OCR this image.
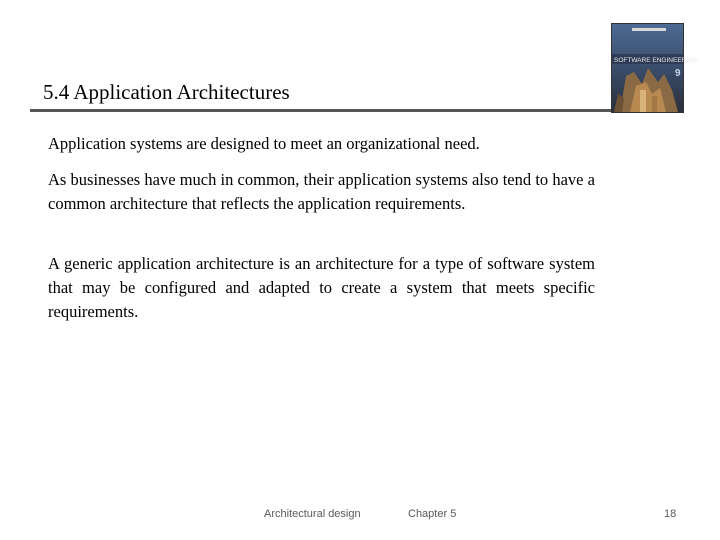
5.4 Application Architectures
SOFTWARE ENGINEERING
9

Application systems are designed to meet an organizational need.

As businesses have much in common, their application systems also tend to have a common architecture that reflects the application requirements.

A generic application architecture is an architecture for a type of software system that may be configured and adapted to create a system that meets specific requirements.

Architectural design	Chapter 5	18
